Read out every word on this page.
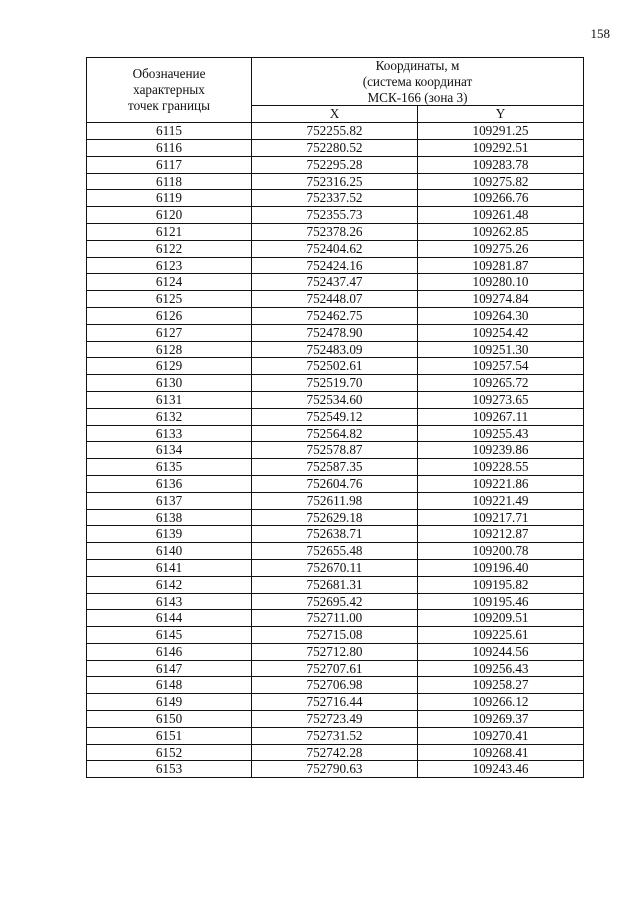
158
Обозначение
характерных
точек границы	Координаты, м
(система координат
МСК-166 (зона 3)	

	X	Y
6115	752255.82	109291.25
6116	752280.52	109292.51
6117	752295.28	109283.78
6118	752316.25	109275.82
6119	752337.52	109266.76
6120	752355.73	109261.48
6121	752378.26	109262.85
6122	752404.62	109275.26
6123	752424.16	109281.87
6124	752437.47	109280.10
6125	752448.07	109274.84
6126	752462.75	109264.30
6127	752478.90	109254.42
6128	752483.09	109251.30
6129	752502.61	109257.54
6130	752519.70	109265.72
6131	752534.60	109273.65
6132	752549.12	109267.11
6133	752564.82	109255.43
6134	752578.87	109239.86
6135	752587.35	109228.55
6136	752604.76	109221.86
6137	752611.98	109221.49
6138	752629.18	109217.71
6139	752638.71	109212.87
6140	752655.48	109200.78
6141	752670.11	109196.40
6142	752681.31	109195.82
6143	752695.42	109195.46
6144	752711.00	109209.51
6145	752715.08	109225.61
6146	752712.80	109244.56
6147	752707.61	109256.43
6148	752706.98	109258.27
6149	752716.44	109266.12
6150	752723.49	109269.37
6151	752731.52	109270.41
6152	752742.28	109268.41
6153	752790.63	109243.46
